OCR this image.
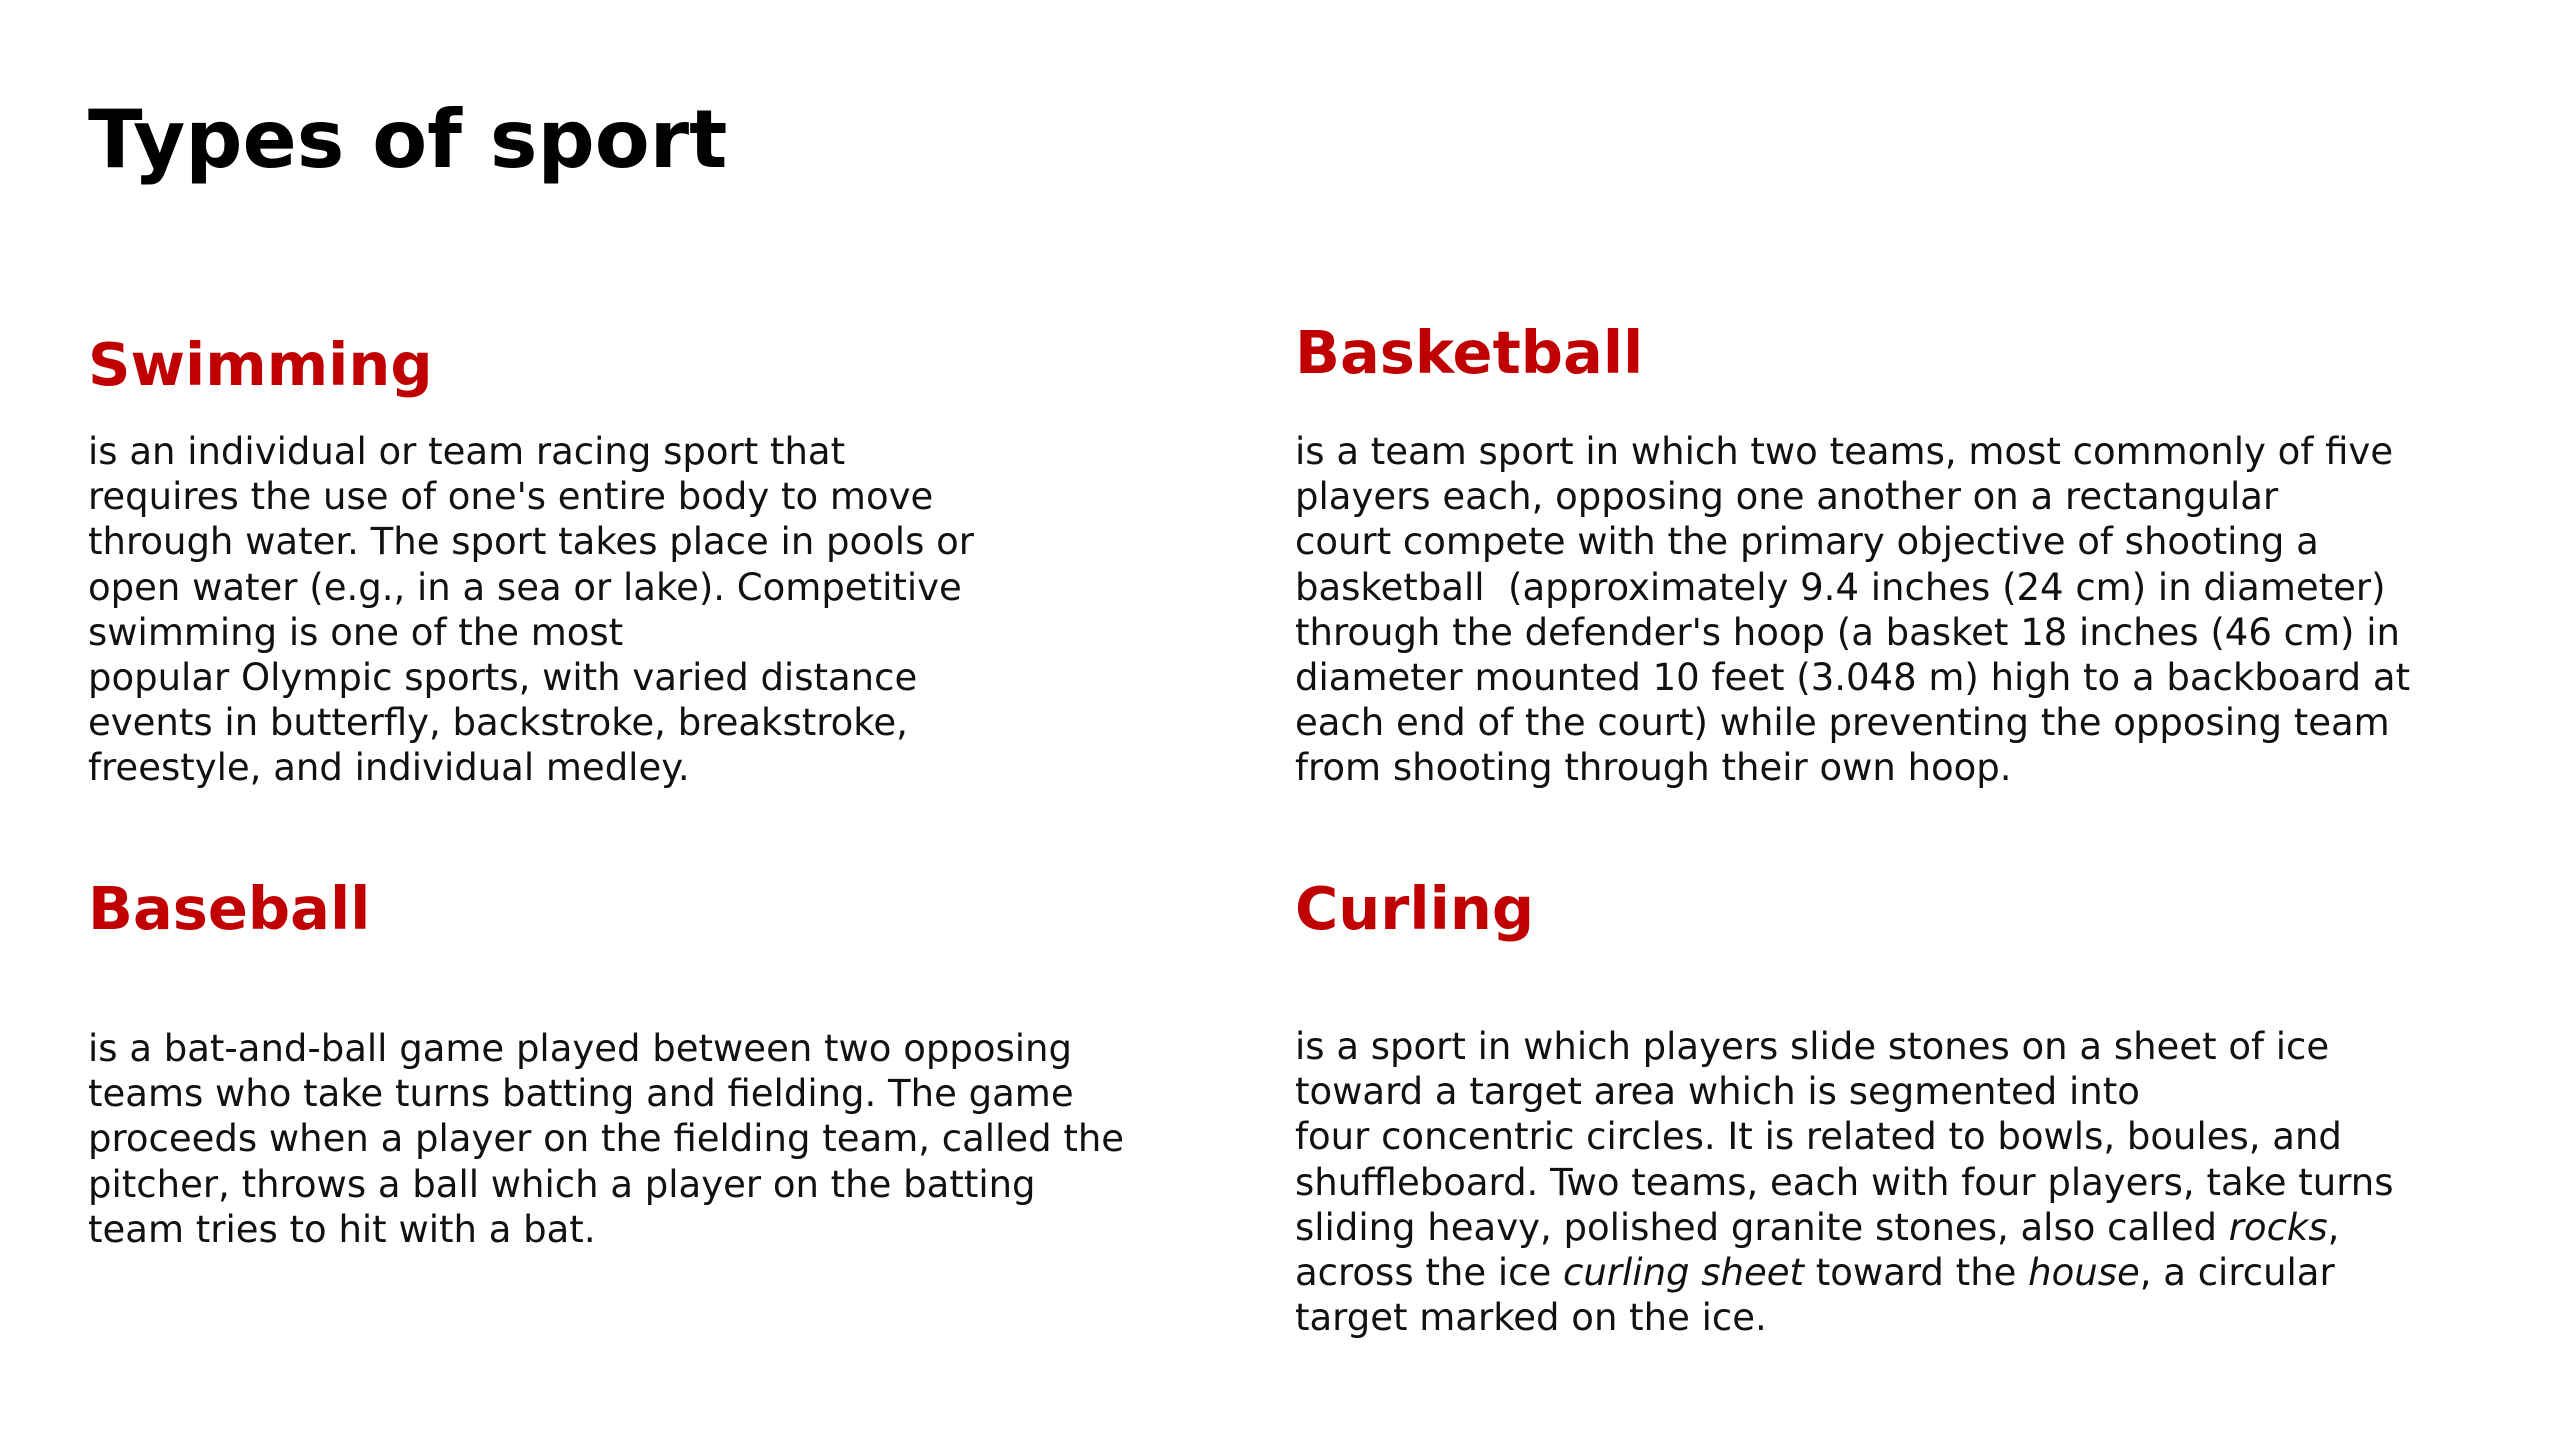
Types of sport
Swimming

is an individual or team racing sport that
requires the use of one's entire body to move
through water. The sport takes place in pools or
open water (e.g., in a sea or lake). Competitive
swimming is one of the most
popular Olympic sports, with varied distance
events in butterfly, backstroke, breakstroke,
freestyle, and individual medley.

Basketball

is a team sport in which two teams, most commonly of five
players each, opposing one another on a rectangular
court compete with the primary objective of shooting a
basketball  (approximately 9.4 inches (24 cm) in diameter)
through the defender's hoop (a basket 18 inches (46 cm) in
diameter mounted 10 feet (3.048 m) high to a backboard at
each end of the court) while preventing the opposing team
from shooting through their own hoop.

Baseball

is a bat-and-ball game played between two opposing
teams who take turns batting and fielding. The game
proceeds when a player on the fielding team, called the
pitcher, throws a ball which a player on the batting
team tries to hit with a bat.

Curling

is a sport in which players slide stones on a sheet of ice
toward a target area which is segmented into
four concentric circles. It is related to bowls, boules, and
shuffleboard. Two teams, each with four players, take turns
sliding heavy, polished granite stones, also called rocks,
across the ice curling sheet toward the house, a circular
target marked on the ice.
